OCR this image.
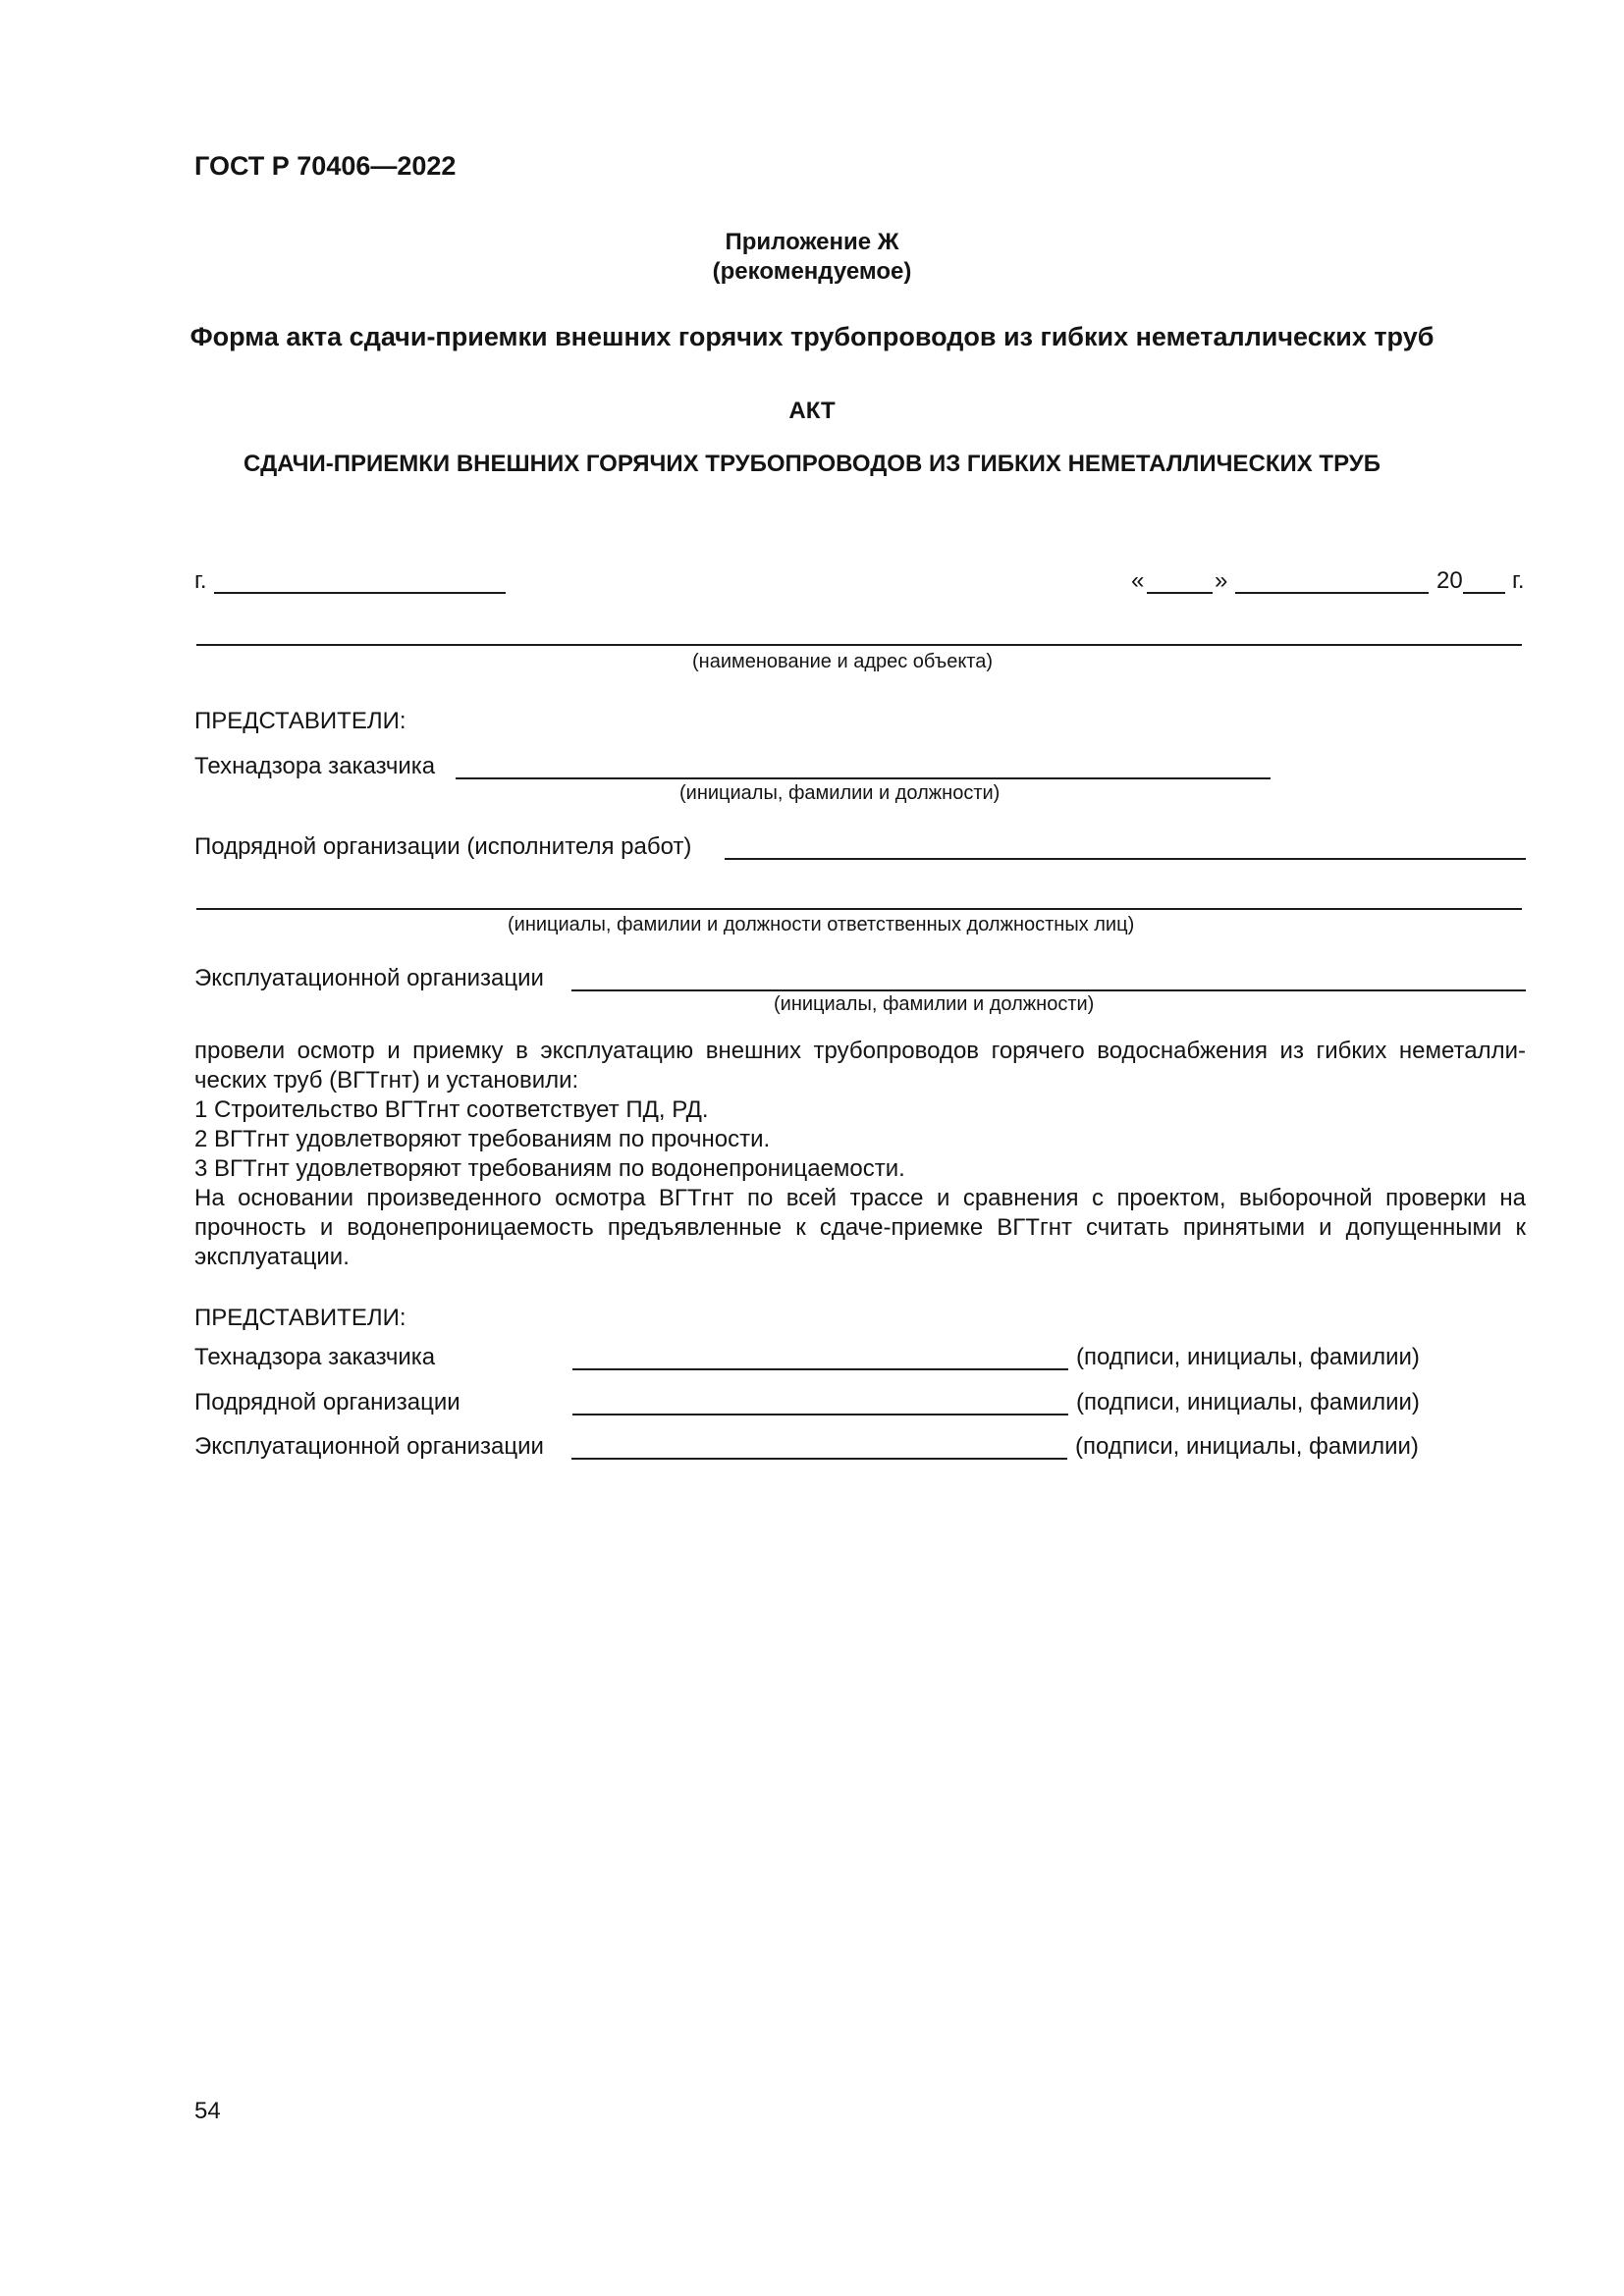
ГОСТ Р 70406—2022
Приложение Ж
(рекомендуемое)
Форма акта сдачи-приемки внешних горячих трубопроводов из гибких неметаллических труб
АКТ
СДАЧИ-ПРИЕМКИ ВНЕШНИХ ГОРЯЧИХ ТРУБОПРОВОДОВ ИЗ ГИБКИХ НЕМЕТАЛЛИЧЕСКИХ ТРУБ
г.	«	»	20 г.
(наименование и адрес объекта)
ПРЕДСТАВИТЕЛИ:
Технадзора заказчика
(инициалы, фамилии и должности)
Подрядной организации (исполнителя работ)
(инициалы, фамилии и должности ответственных должностных лиц)
Эксплуатационной организации
(инициалы, фамилии и должности)
провели осмотр и приемку в эксплуатацию внешних трубопроводов горячего водоснабжения из гибких неметалли-
ческих труб (ВГТгнт) и установили:
1 Строительство ВГТгнт соответствует ПД, РД.
2 ВГТгнт удовлетворяют требованиям по прочности.
3 ВГТгнт удовлетворяют требованиям по водонепроницаемости.
На основании произведенного осмотра ВГТгнт по всей трассе и сравнения с проектом, выборочной проверки на
прочность и водонепроницаемость предъявленные к сдаче-приемке ВГТгнт считать принятыми и допущенными к
эксплуатации.
ПРЕДСТАВИТЕЛИ:
Технадзора заказчика	(подписи, инициалы, фамилии)
Подрядной организации	(подписи, инициалы, фамилии)
Эксплуатационной организации	(подписи, инициалы, фамилии)
54
